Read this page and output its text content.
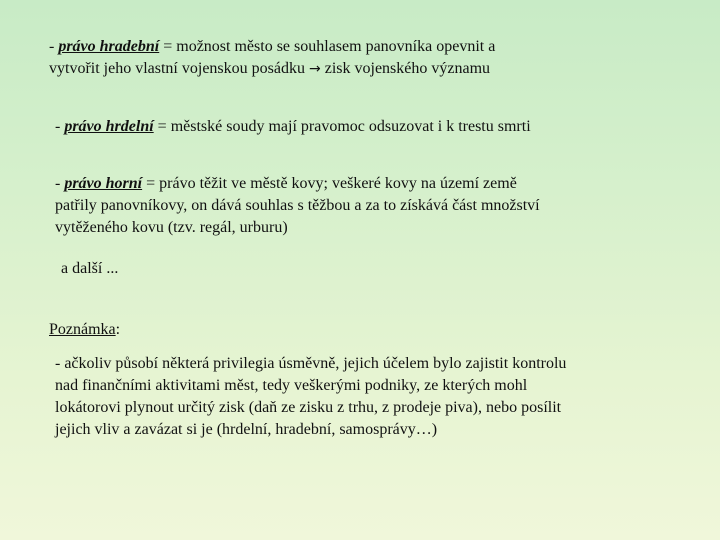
- právo hradební = možnost město se souhlasem panovníka opevnit a
vytvořit jeho vlastní vojenskou posádku → zisk vojenského významu
- právo hrdelní = městské soudy mají pravomoc odsuzovat i k trestu smrti
- právo horní = právo těžit ve městě kovy; veškeré kovy na území země
patřily panovníkovy, on dává souhlas s těžbou a za to získává část množství
vytěženého kovu (tzv. regál, urburu)
a další ...
Poznámka:
- ačkoliv působí některá privilegia úsměvně, jejich účelem bylo zajistit kontrolu
nad finančními aktivitami měst, tedy veškerými podniky, ze kterých mohl
lokátorovi plynout určitý zisk (daň ze zisku z trhu, z prodeje piva), nebo posílit
jejich vliv a zavázat si je (hrdelní, hradební, samosprávy…)
